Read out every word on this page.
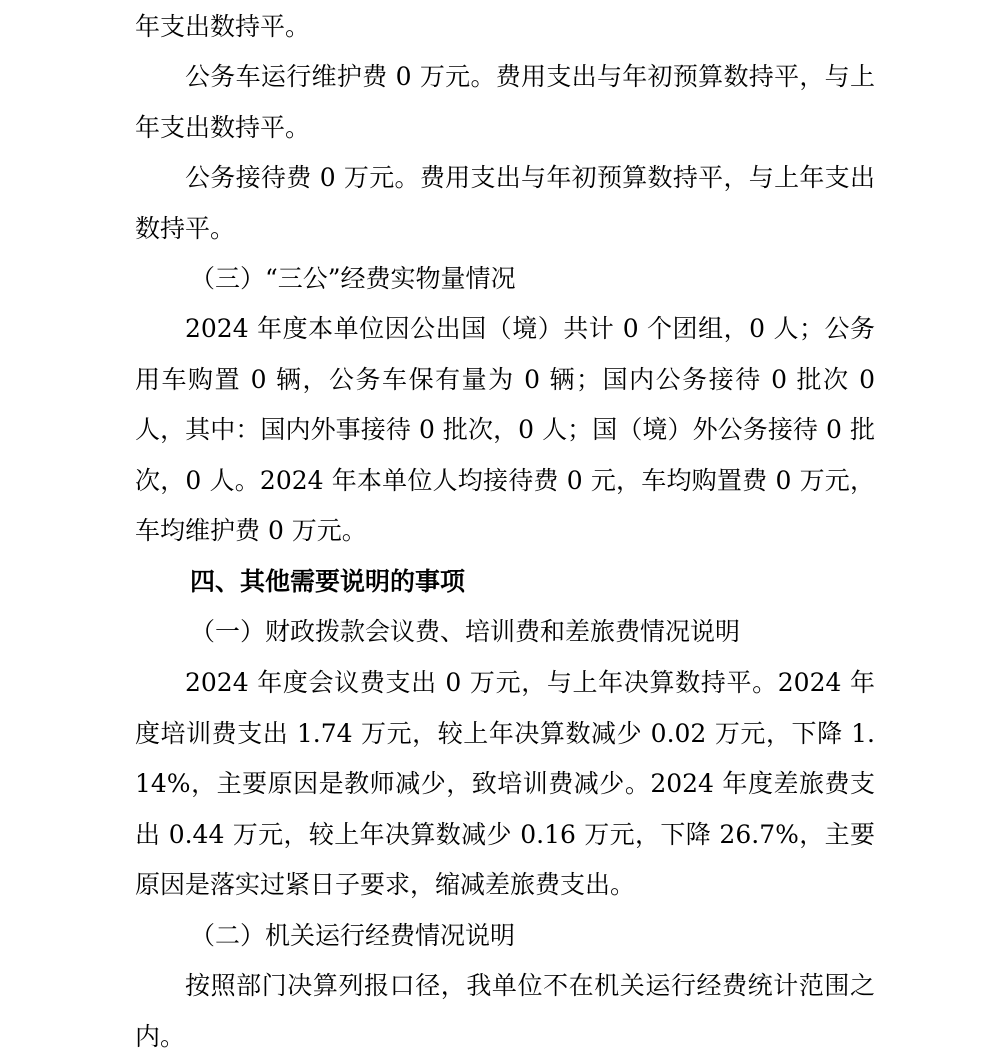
年支出数持平。

公务车运行维护费 0 万元。费用支出与年初预算数持平，与上年支出数持平。

公务接待费 0 万元。费用支出与年初预算数持平，与上年支出数持平。

（三）“三公”经费实物量情况

2024 年度本单位因公出国（境）共计 0 个团组，0 人；公务用车购置 0 辆，公务车保有量为 0 辆；国内公务接待 0 批次 0 人，其中：国内外事接待 0 批次，0 人；国（境）外公务接待 0 批次，0 人。2024 年本单位人均接待费 0 元，车均购置费 0 万元，车均维护费 0 万元。

四、其他需要说明的事项

（一）财政拨款会议费、培训费和差旅费情况说明

2024 年度会议费支出 0 万元，与上年决算数持平。2024 年度培训费支出 1.74 万元，较上年决算数减少 0.02 万元，下降 1.14%，主要原因是教师减少，致培训费减少。2024 年度差旅费支出 0.44 万元，较上年决算数减少 0.16 万元，下降 26.7%，主要原因是落实过紧日子要求，缩减差旅费支出。

（二）机关运行经费情况说明

按照部门决算列报口径，我单位不在机关运行经费统计范围之内。
